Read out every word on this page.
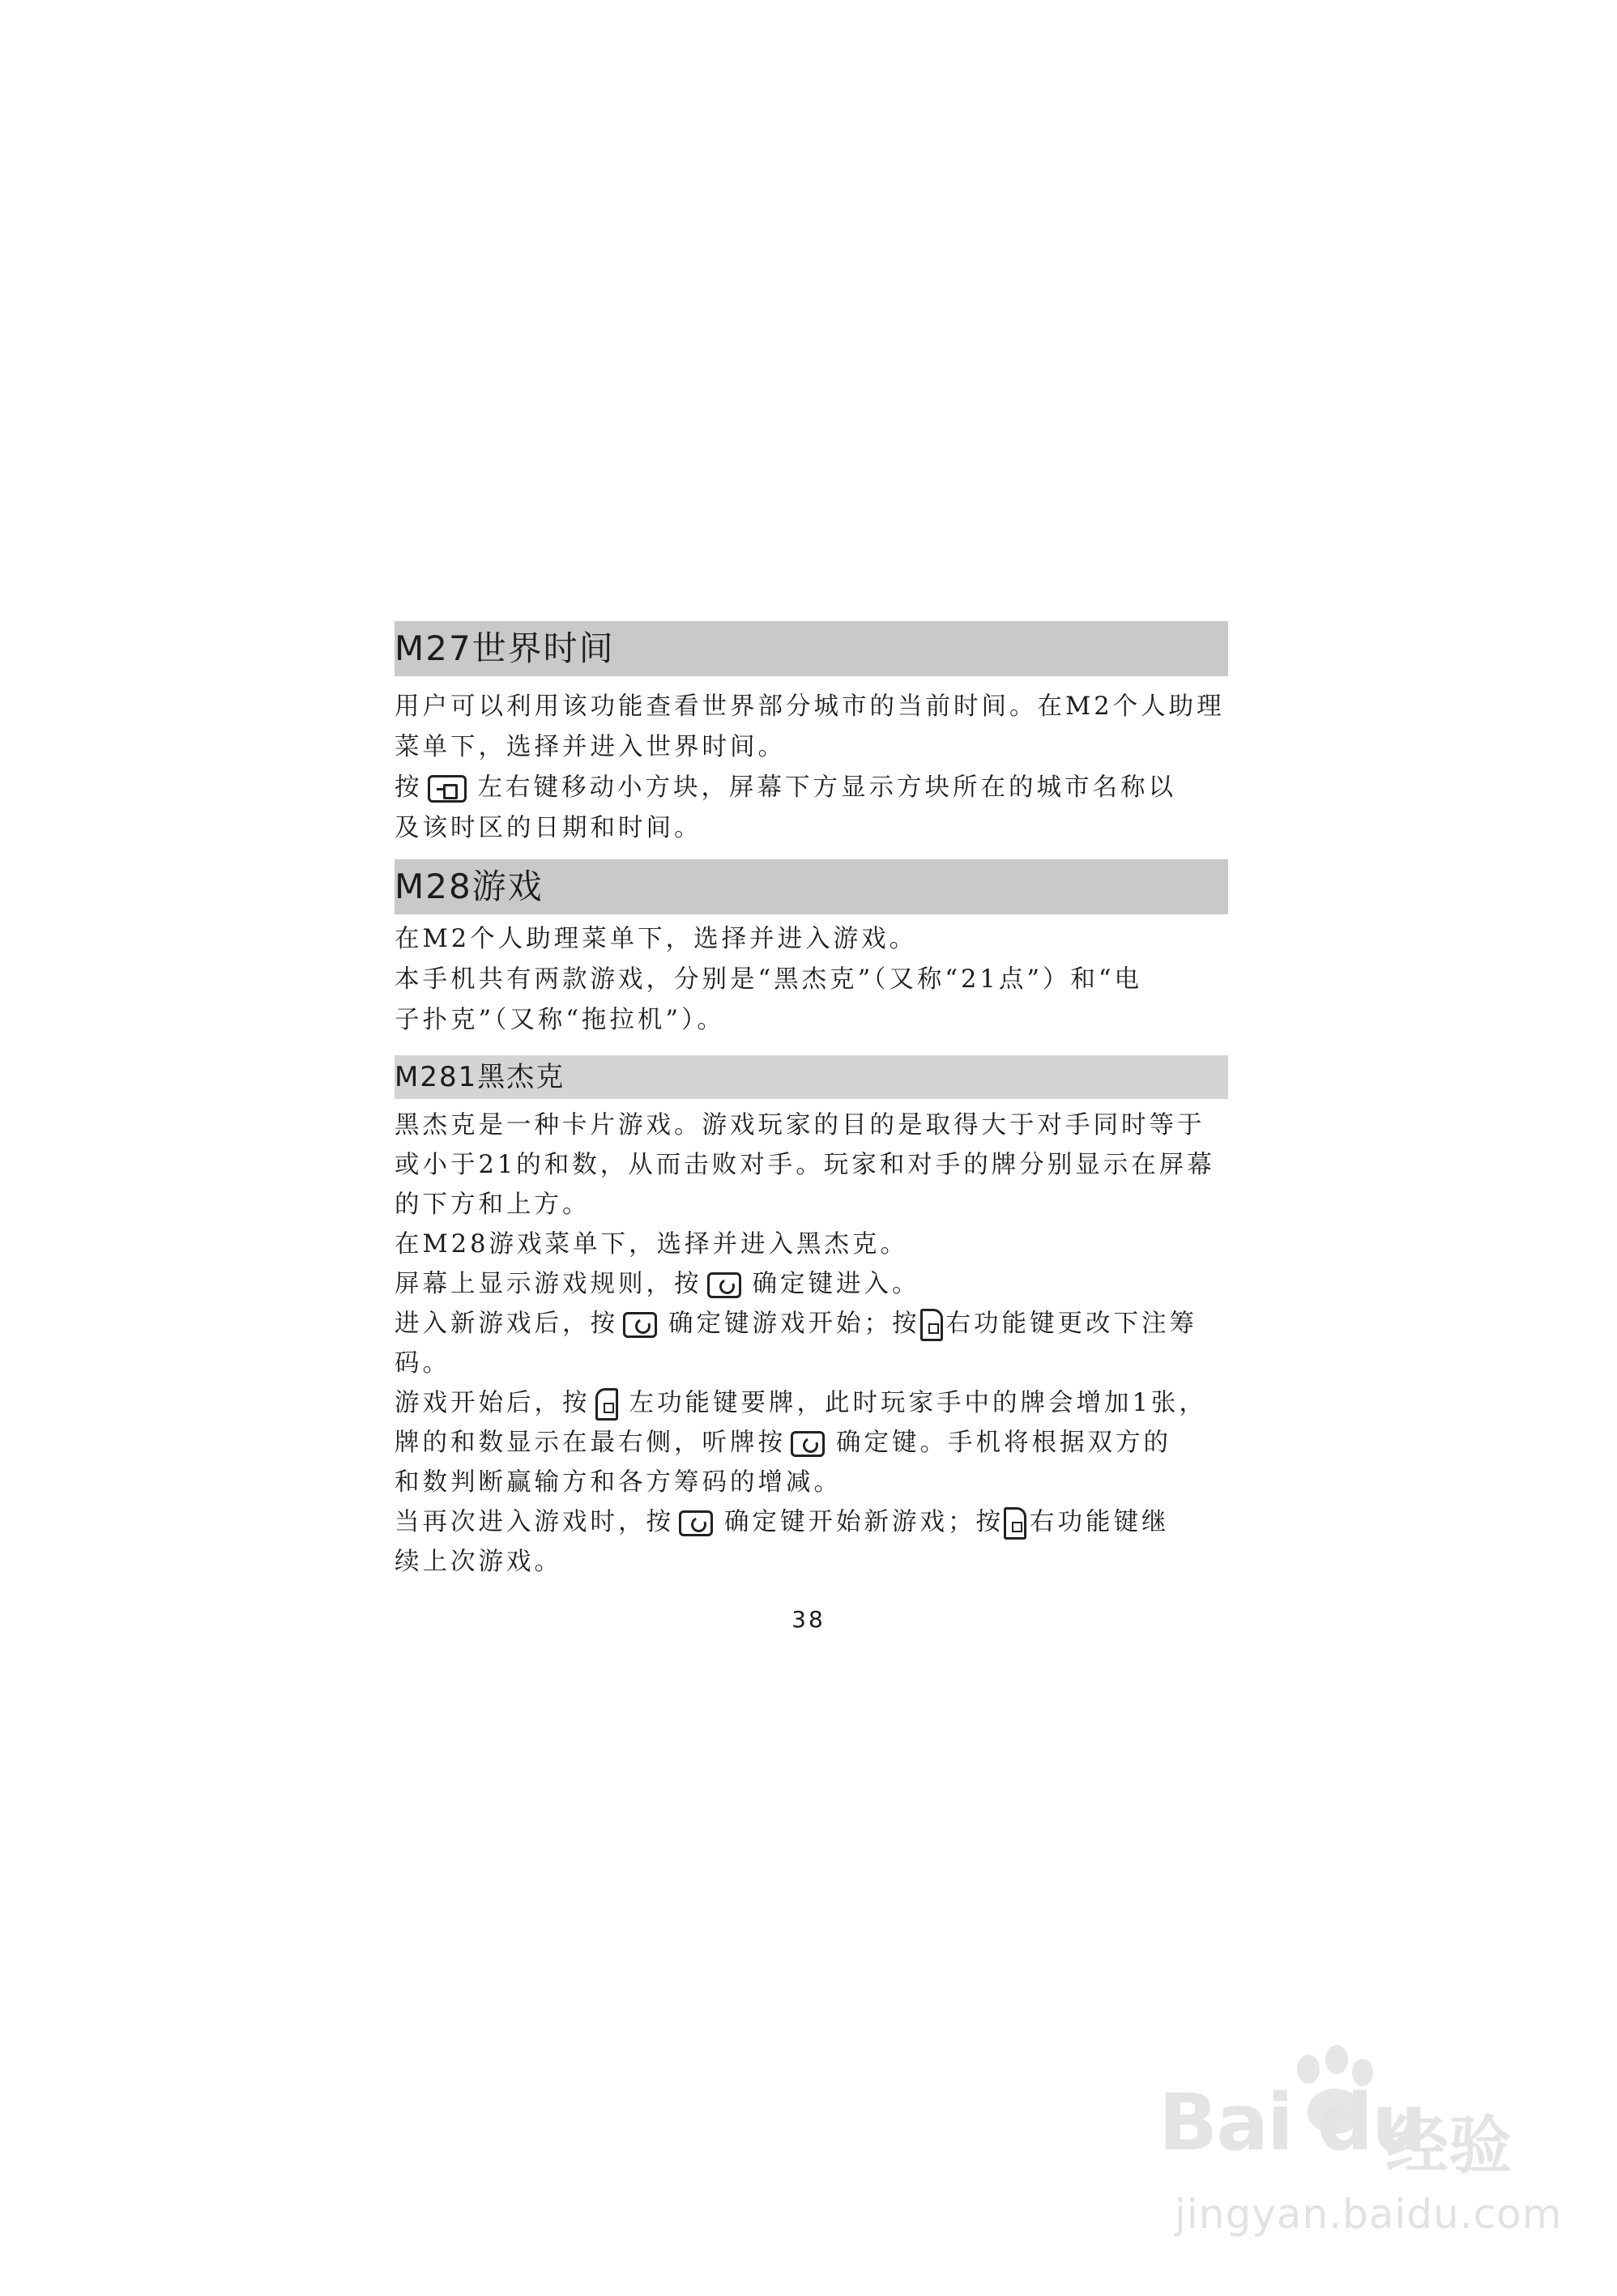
M27世界时间
用户可以利用该功能查看世界部分城市的当前时间。在M2个人助理
菜单下，选择并进入世界时间。
按 左右键移动小方块，屏幕下方显示方块所在的城市名称以
及该时区的日期和时间。
M28游戏
在M2个人助理菜单下，选择并进入游戏。
本手机共有两款游戏，分别是“黑杰克”（又称“21点”）和“电
子扑克”（又称“拖拉机”）。
M281黑杰克
黑杰克是一种卡片游戏。游戏玩家的目的是取得大于对手同时等于
或小于21的和数，从而击败对手。玩家和对手的牌分别显示在屏幕
的下方和上方。
在M28游戏菜单下，选择并进入黑杰克。
屏幕上显示游戏规则，按 确定键进入。
进入新游戏后，按 确定键游戏开始；按 右功能键更改下注筹
码。
游戏开始后，按 左功能键要牌，此时玩家手中的牌会增加1张，
牌的和数显示在最右侧，听牌按 确定键。手机将根据双方的
和数判断赢输方和各方筹码的增减。
当再次进入游戏时，按 确定键开始新游戏；按 右功能键继
续上次游戏。
38
Bai du
经验
jingyan.baidu.com
